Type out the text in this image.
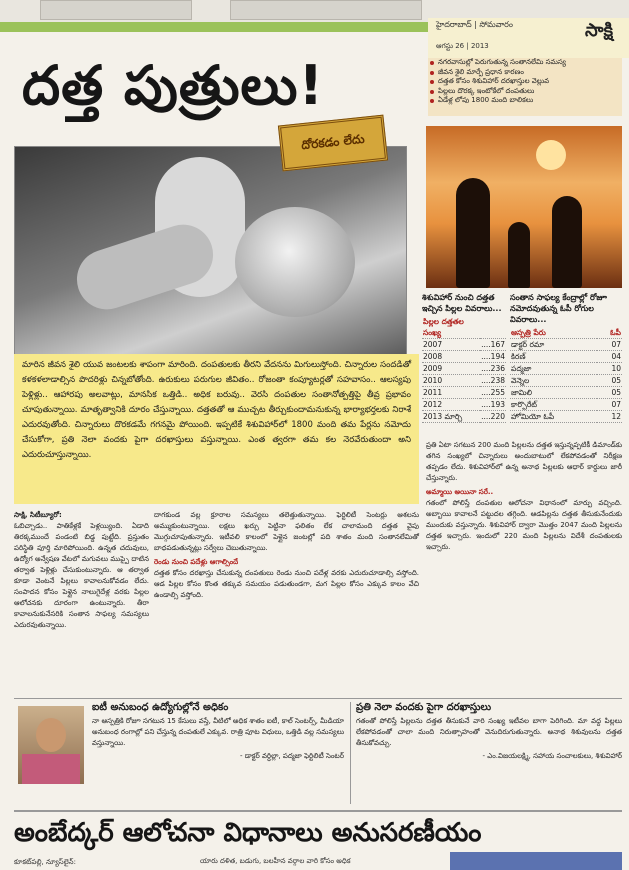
హైదరాబాద్ | సోమవారం
ఆగస్టు 26 | 2013
సాక్షి
దత్త పుత్రులు!	నగరవాసుల్లో పెరుగుతున్న సంతానలేమి సమస్య
జీవన శైలి మార్పే ప్రధాన కారణం
దత్తత కోసం శిశువిహార్ దరఖాస్తుల వెల్లువ
పిల్లలు దొరక్క ఇంటోకేలో దంపతులు
ఏడేళ్ల లోపు 1800 మంది బాలికలు
దోరకడం లేదు
శిశువిహార్ నుంచి దత్తత ఇచ్చిన పిల్లల వివరాలు...
పిల్లల దత్తతల సంఖ్య	
2007	....167
2008	....194
2009	....236
2010	....238
2011	....255
2012	....193
2013 మార్చి	....220
సంతాన సాఫల్య కేంద్రాల్లో రోజూ నమోదవుతున్న ఓపీ రోగుల వివరాలు...
ఆస్పత్రి పేరు	ఓపీ
డాక్టర్ రమా	07
కిరణ్	04
పద్మజా	10
వెన్నెల	05
జామిలి	05
కార్పొరేట్	07
హోమియో ఓపీ	12

మారిన జీవన శైలి యువ జంటలకు శాపంగా మారింది. దంపతులకు తీరని వేదనను మిగులుస్తోంది. చిన్నారుల సందడితో కళకళలాడాల్సిన పొదరిళ్లు చిన్నబోతోంది. ఉరుకులు పరుగుల జీవితం.. రోజంతా కంప్యూటర్లతో సహవాసం.. ఆలస్యపు పెళ్లిళ్లు.. ఆహారపు అలవాట్లు, మానసిక ఒత్తిడి.. అధిక బరువు.. వెరసి దంపతుల సంతానోత్పత్తిపై తీవ్ర ప్రభావం చూపుతున్నాయి. మాతృత్వానికి దూరం చేస్తున్నాయి. దత్తతతో ఆ ముచ్చట తీర్చుకుందామనుకున్న భార్యాభర్తలకు నిరాశే ఎదురవుతోంది. చిన్నారులు దొరకడమే గగనమై పోయింది. ఇప్పటికే శిశువిహార్‌లో 1800 మంది తమ పేర్లను నమోదు చేసుకోగా, ప్రతి నెలా వందకు పైగా దరఖాస్తులు వస్తున్నాయి. ఎంత త్వరగా తమ కల నెరవేరుతుందా అని ఎదురుచూస్తున్నాయి.

సాక్షి, సిటీబ్యూరో:
ఓబిచ్చాడు.. పాతికేళ్లకే పెళ్లయ్యింది. ఏడాది తిరక్కముందే పండంటి బిడ్డ పుట్టేది. ప్రస్తుతం పరిస్థితి పూర్తి మారిపోయింది. ఉన్నత చదువులు, ఉద్యోగ అన్వేషణ వేటలో మగువలు ముప్పై దాటిన తర్వాత పెళ్లిళ్లు చేసుకుంటున్నారు. ఆ తర్వాత కూడా వెంటనే పిల్లలు కావాలనుకోవడం లేదు. సంపాదన కోసం పెళ్లైన నాలుగైదేళ్ల వరకు పిల్లల ఆలోచనకు దూరంగా ఉంటున్నారు. తీరా కావాలనుకునేసరికి సంతాన సాఫల్య సమస్యలు ఎదురవుతున్నాయి.
దాగకుండ వల్ల క్రూరాల సమస్యలు తలెత్తుతున్నాయి. ఫెర్టిలిటీ సెంటర్లు ఆశలను అమ్ముకుంటున్నాయి. లక్షలు ఖర్చు పెట్టినా ఫలితం లేక చాలామంది దత్తత వైపు మొగ్గుచూపుతున్నారు. ఇటీవలి కాలంలో పెళ్లైన జంటల్లో పది శాతం మంది సంతానలేమితో బాధపడుతున్నట్లు సర్వేలు చెబుతున్నాయి.
రెండు నుంచి పదేళ్లు ఆగాల్సిందే
దత్తత కోసం దరఖాస్తు చేసుకున్న దంపతులు రెండు నుంచి పదేళ్ల వరకు ఎదురుచూడాల్సి వస్తోంది. ఆడ పిల్లల కోసం కొంత తక్కువ సమయం పడుతుండగా, మగ పిల్లల కోసం ఎక్కువ కాలం వేచి ఉండాల్సి వస్తోంది.
ప్రతి ఏటా సగటున 200 మంది పిల్లలను దత్తత ఇస్తున్నప్పటికీ డిమాండ్‌కు తగిన సంఖ్యలో చిన్నారులు అందుబాటులో లేకపోవడంతో నిరీక్షణ తప్పడం లేదు. శిశువిహార్‌లో ఉన్న అనాథ పిల్లలకు ఆధార్ కార్డులు జారీ చేస్తున్నారు.
అమ్మాయి అయినా సరే..
గతంలో పోలిస్తే దంపతుల ఆలోచనా విధానంలో మార్పు వచ్చింది. అబ్బాయి కావాలనే పట్టుదల తగ్గింది. ఆడపిల్లను దత్తత తీసుకునేందుకు ముందుకు వస్తున్నారు. శిశువిహార్ ద్వారా మొత్తం 2047 మంది పిల్లలను దత్తత ఇచ్చారు. ఇందులో 220 మంది పిల్లలను విదేశీ దంపతులకు ఇచ్చారు.
ఐటీ అనుబంధ ఉద్యోగుల్లోనే అధికం
నా ఆస్పత్రికి రోజూ సగటున 15 కేసులు వస్తే, వీటిలో అధిక శాతం ఐటీ, కాల్ సెంటర్స్, మీడియా అనుబంధ రంగాల్లో పని చేస్తున్న దంపతులే ఎక్కువ. రాత్రి పూట విధులు, ఒత్తిడి వల్ల సమస్యలు వస్తున్నాయి.
- డాక్టర్ వర్ధిల్లా, పద్మజా ఫెర్టిలిటీ సెంటర్
ప్రతి నెలా వందకు పైగా దరఖాస్తులు
గతంతో పోలిస్తే పిల్లలను దత్తత తీసుకునే వారి సంఖ్య ఇటీవల బాగా పెరిగింది. మా వద్ద పిల్లలు లేకపోవడంతో చాలా మంది నిరుత్సాహంతో వెనుదిరుగుతున్నారు. అనాథ శిశువులను దత్తత తీసుకోవచ్చు.
- ఎం.విజయలక్ష్మి, సహాయ సంచాలకులు, శిశువిహార్
అంబేద్కర్ ఆలోచనా విధానాలు అనుసరణీయం
కూకట్‌పల్లి, న్యూస్‌లైన్:	యారు దళిత, బడుగు, బలహీన వర్గాల వారి కోసం అధిక
